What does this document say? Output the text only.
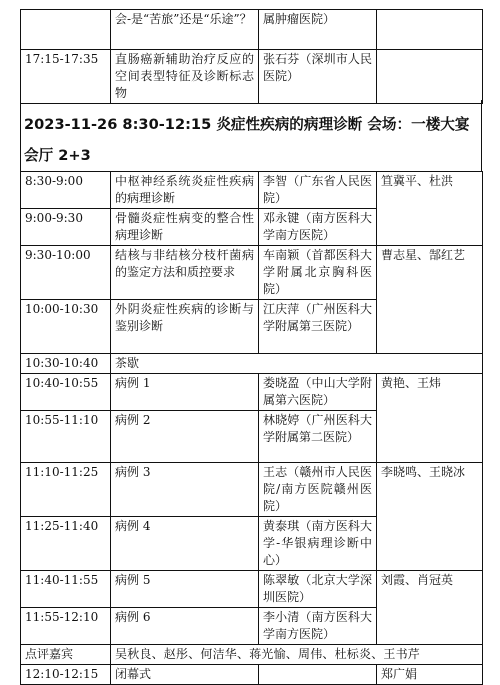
	会-是“苦旅”还是“乐途”？	属肿瘤医院）	
17:15-17:35	直肠癌新辅助治疗反应的空间表型特征及诊断标志物	张石芬（深圳市人民医院）	
2023-11-26 8:30-12:15 炎症性疾病的病理诊断 会场：一楼大宴
会厅 2+3
8:30-9:00	中枢神经系统炎症性疾病的病理诊断	李智（广东省人民医院）	笪冀平、杜洪
9:00-9:30	骨髓炎症性病变的整合性病理诊断	邓永键（南方医科大学南方医院）	
9:30-10:00	结核与非结核分枝杆菌病的鉴定方法和质控要求	车南颖（首都医科大学附属北京胸科医院）	曹志星、郜红艺
10:00-10:30	外阴炎症性疾病的诊断与鉴别诊断	江庆萍（广州医科大学附属第三医院）	
10:30-10:40	茶歇		
10:40-10:55	病例 1	娄晓盈（中山大学附属第六医院）	黄艳、王炜
10:55-11:10	病例 2	林晓婷（广州医科大学附属第二医院）	
11:10-11:25	病例 3	王志（赣州市人民医院/南方医院赣州医院）	李晓鸣、王晓冰
11:25-11:40	病例 4	黄泰琪（南方医科大学-华银病理诊断中心）	
11:40-11:55	病例 5	陈翠敏（北京大学深圳医院）	刘霞、肖冠英
11:55-12:10	病例 6	李小清（南方医科大学南方医院）	
点评嘉宾	吴秋良、赵彤、何洁华、蒋光愉、周伟、杜标炎、王书芹		
12:10-12:15	闭幕式		郑广娟
